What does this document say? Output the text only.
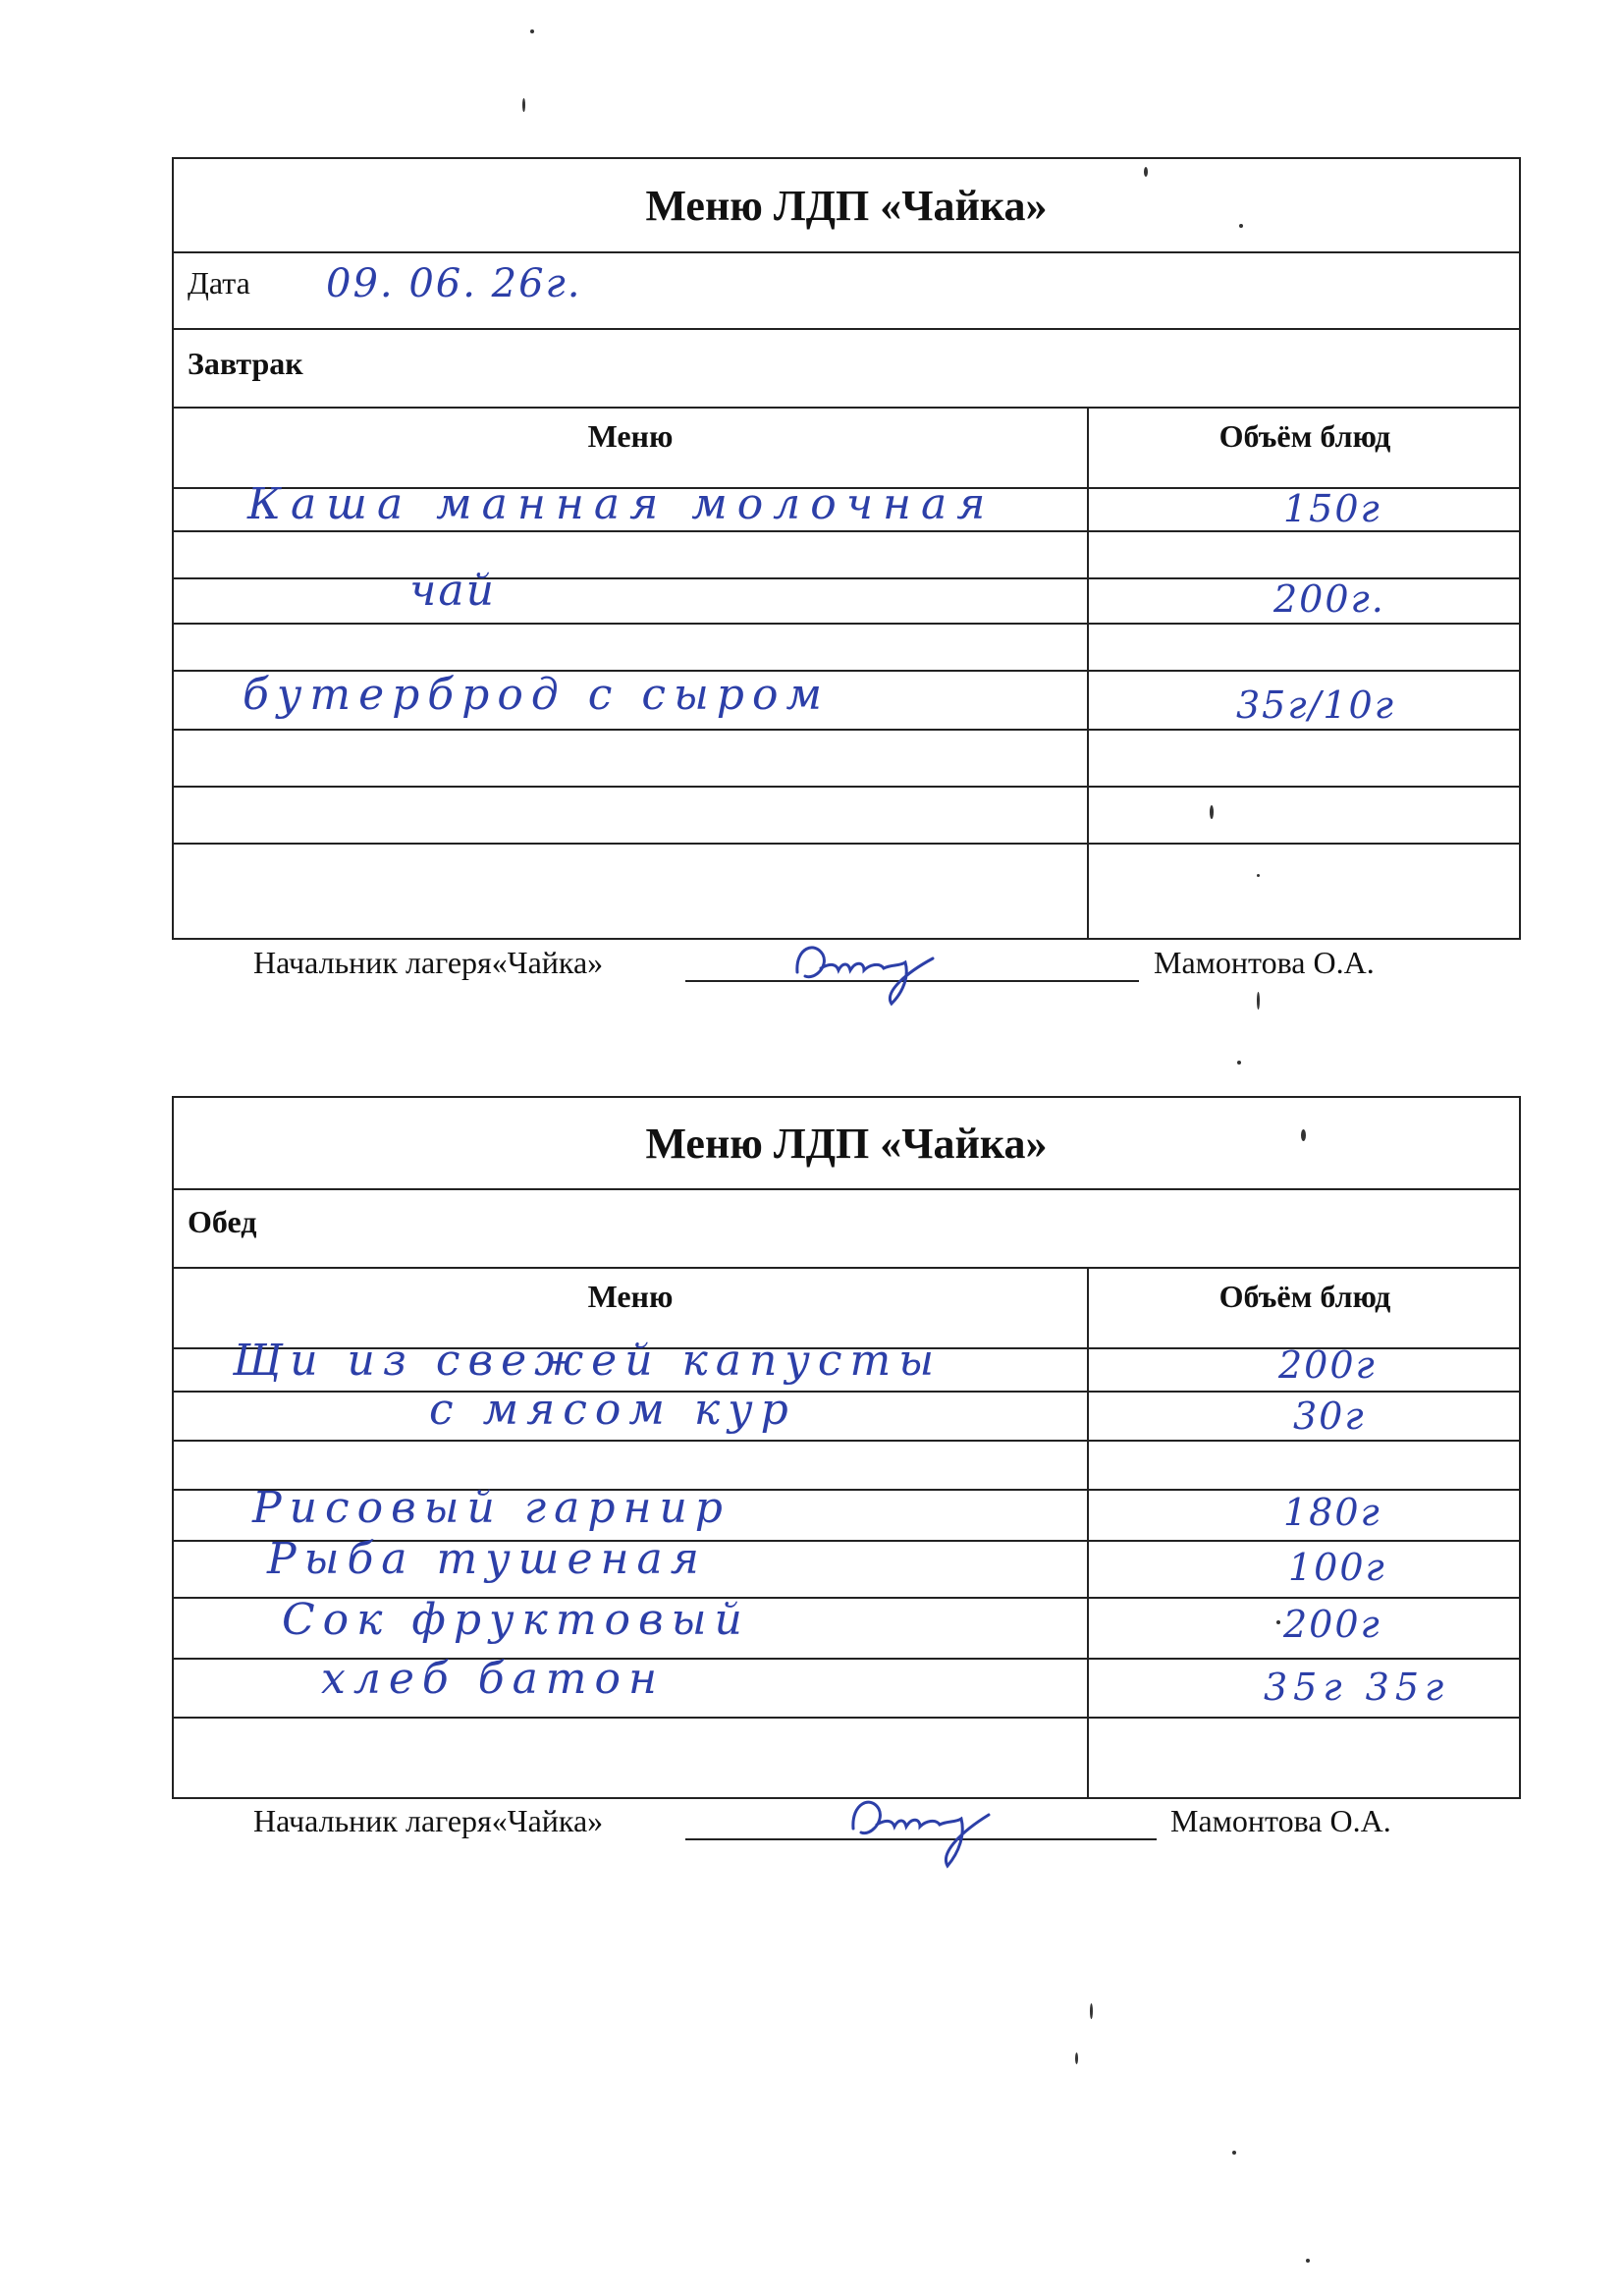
Меню ЛДП «Чайка»
Дата 09. 06. 26г.
Завтрак
Меню	Объём блюд
Каша манная молочная	150г
чай	200г.
бутерброд с сыром	35г/10г
Начальник лагеря«Чайка»	Мамонтова О.А.
Меню ЛДП «Чайка»
Обед
Меню	Объём блюд
Щи из свежей капусты	200г
с мясом кур	30г
Рисовый гарнир	180г
Рыба тушеная	100г
Сок фруктовый	200г
хлеб батон	35г 35г
Начальник лагеря«Чайка»	Мамонтова О.А.
